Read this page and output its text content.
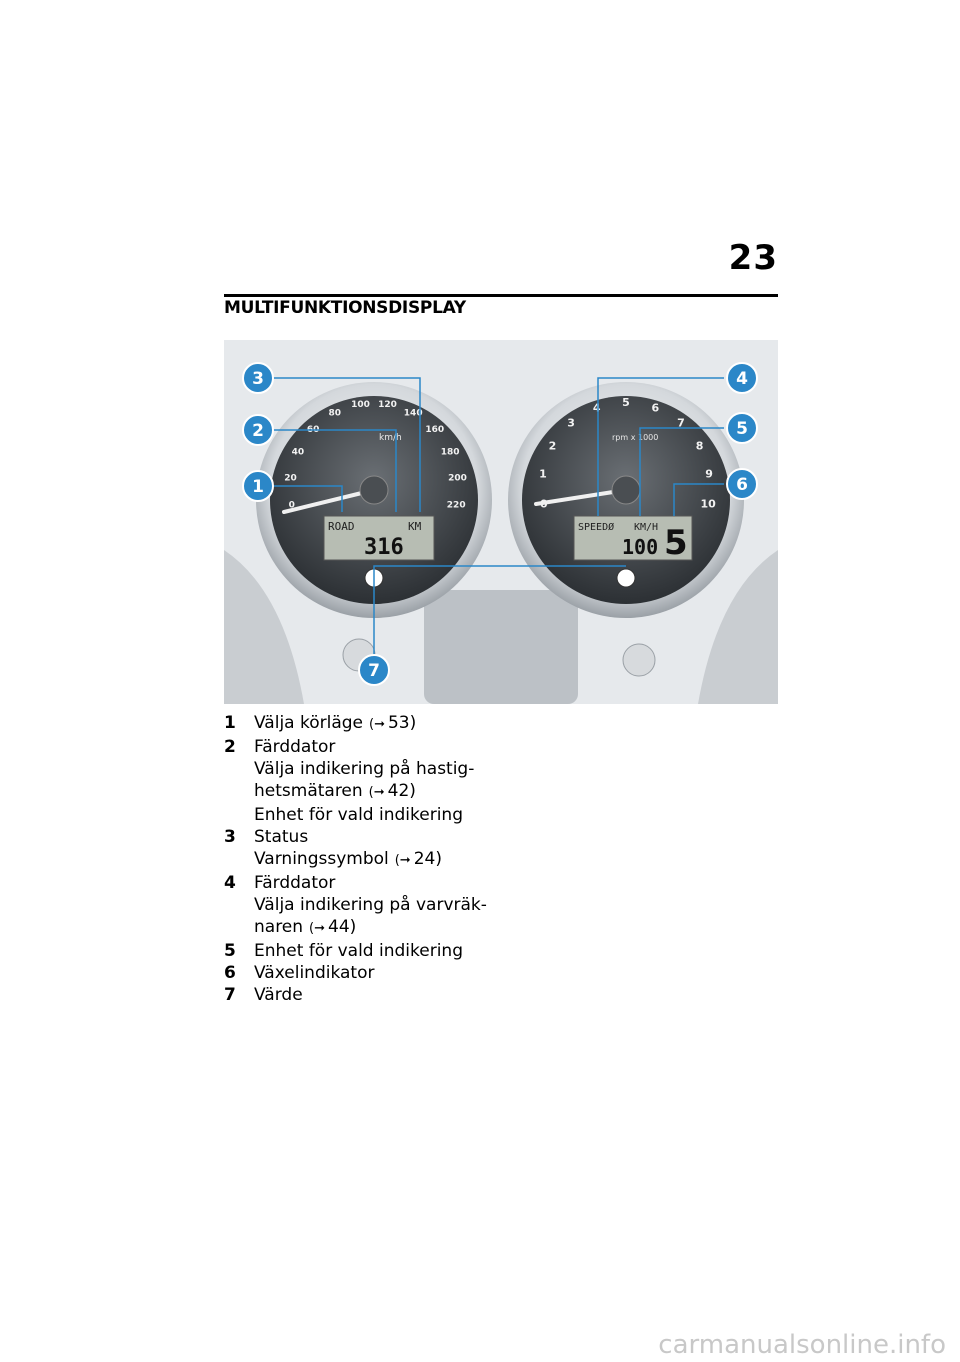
23
MULTIFUNKTIONSDISPLAY
0
20
40
60
80
100 120
140
160
180
200
220
km/h
ROAD	KM
316
1
2
3
4 5 6
7
8
9
10
rpm x 1000
SPEEDØ KM/H
100 5
1
2
3	4
5
6
7
1	Välja körläge (➞ 53)
2	Färddator
Välja indikering på hastig-
hetsmätaren (➞ 42)
Enhet för vald indikering
3	Status
Varningssymbol (➞ 24)
4	Färddator
Välja indikering på varvräk-
naren (➞ 44)
5	Enhet för vald indikering
6	Växelindikator
7	Värde
carmanualsonline.info
